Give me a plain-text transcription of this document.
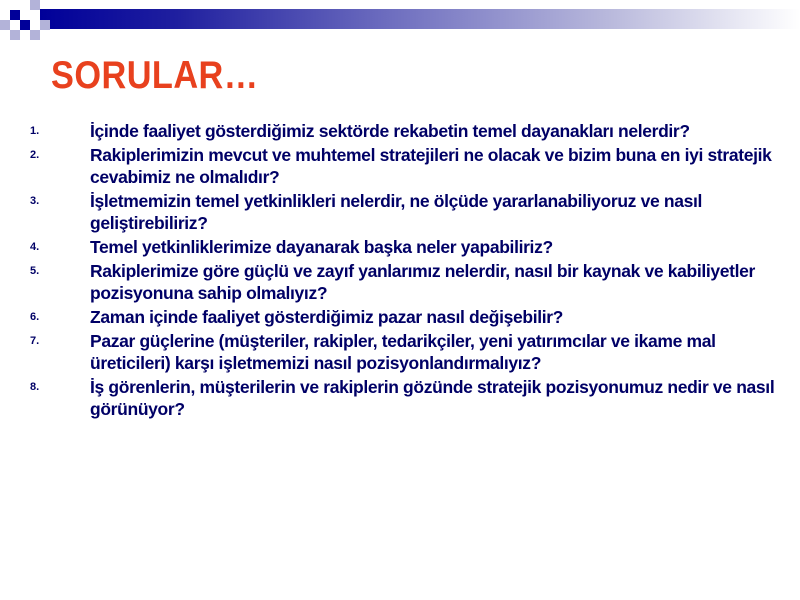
SORULAR…
1.	İçinde faaliyet gösterdiğimiz sektörde rekabetin temel dayanakları nelerdir?
2.	Rakiplerimizin mevcut ve muhtemel stratejileri ne olacak ve bizim buna en iyi stratejik cevabimiz ne olmalıdır?
3.	İşletmemizin temel yetkinlikleri nelerdir, ne ölçüde yararlanabiliyoruz ve nasıl geliştirebiliriz?
4.	Temel yetkinliklerimize dayanarak başka neler yapabiliriz?
5.	Rakiplerimize göre güçlü ve zayıf yanlarımız nelerdir, nasıl bir kaynak ve kabiliyetler pozisyonuna sahip olmalıyız?
6.	Zaman içinde faaliyet gösterdiğimiz pazar nasıl değişebilir?
7.	Pazar güçlerine (müşteriler, rakipler, tedarikçiler, yeni yatırımcılar ve ikame mal üreticileri) karşı işletmemizi nasıl pozisyonlandırmalıyız?
8.	İş görenlerin, müşterilerin ve rakiplerin gözünde stratejik pozisyonumuz nedir ve nasıl görünüyor?
